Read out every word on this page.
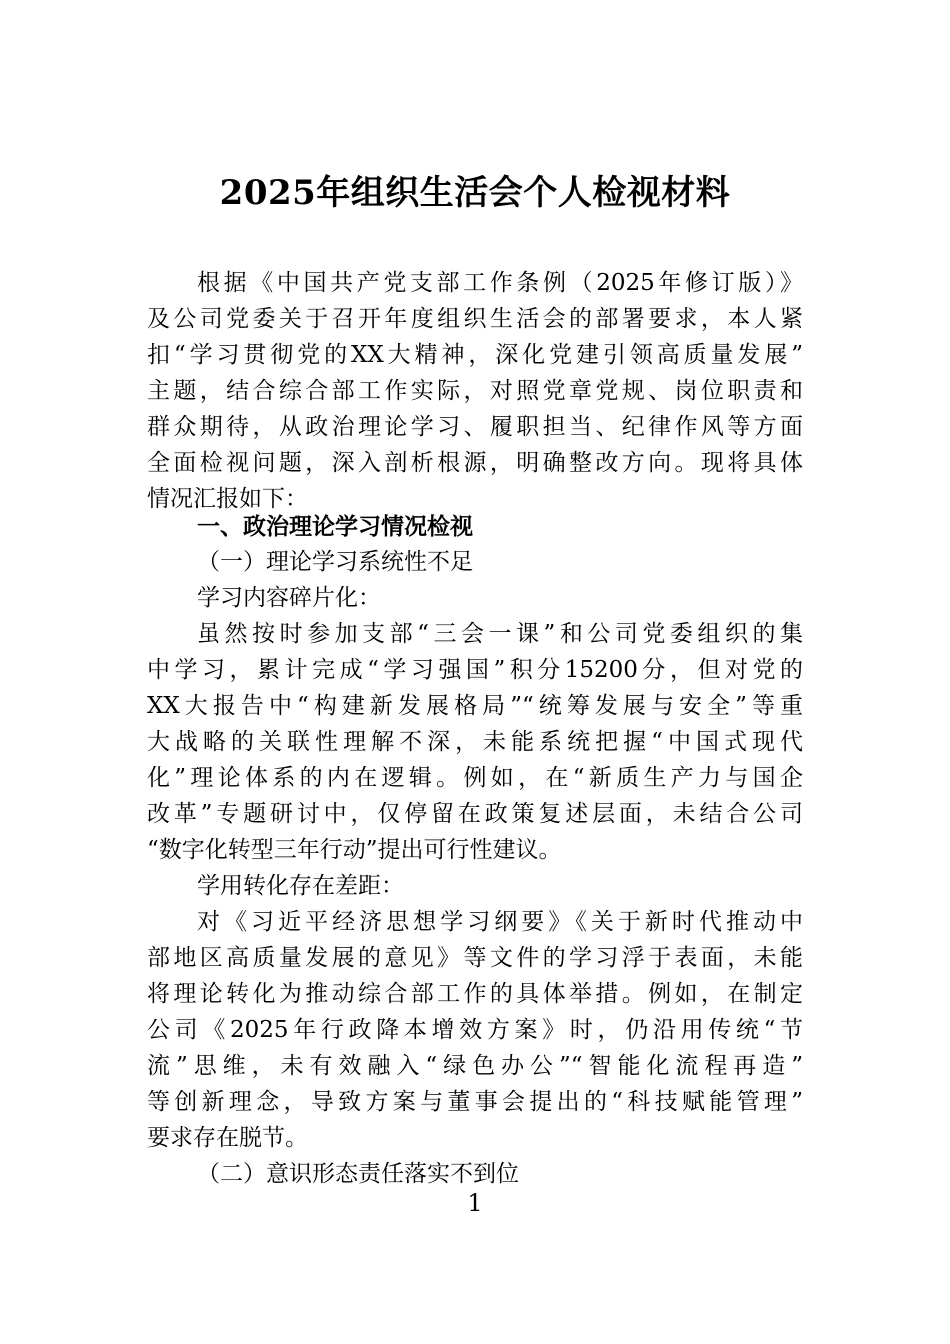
2025年组织生活会个人检视材料
根据《中国共产党支部工作条例（2025年修订版）》
及公司党委关于召开年度组织生活会的部署要求，本人紧
扣“学习贯彻党的XX大精神，深化党建引领高质量发展”
主题，结合综合部工作实际，对照党章党规、岗位职责和
群众期待，从政治理论学习、履职担当、纪律作风等方面
全面检视问题，深入剖析根源，明确整改方向。现将具体
情况汇报如下：
一、政治理论学习情况检视
（一）理论学习系统性不足
学习内容碎片化：
虽然按时参加支部“三会一课”和公司党委组织的集
中学习，累计完成“学习强国”积分15200分，但对党的
XX大报告中“构建新发展格局”“统筹发展与安全”等重
大战略的关联性理解不深，未能系统把握“中国式现代
化”理论体系的内在逻辑。例如，在“新质生产力与国企
改革”专题研讨中，仅停留在政策复述层面，未结合公司
“数字化转型三年行动”提出可行性建议。
学用转化存在差距：
对《习近平经济思想学习纲要》《关于新时代推动中
部地区高质量发展的意见》等文件的学习浮于表面，未能
将理论转化为推动综合部工作的具体举措。例如，在制定
公司《2025年行政降本增效方案》时，仍沿用传统“节
流”思维，未有效融入“绿色办公”“智能化流程再造”
等创新理念，导致方案与董事会提出的“科技赋能管理”
要求存在脱节。
（二）意识形态责任落实不到位
1
